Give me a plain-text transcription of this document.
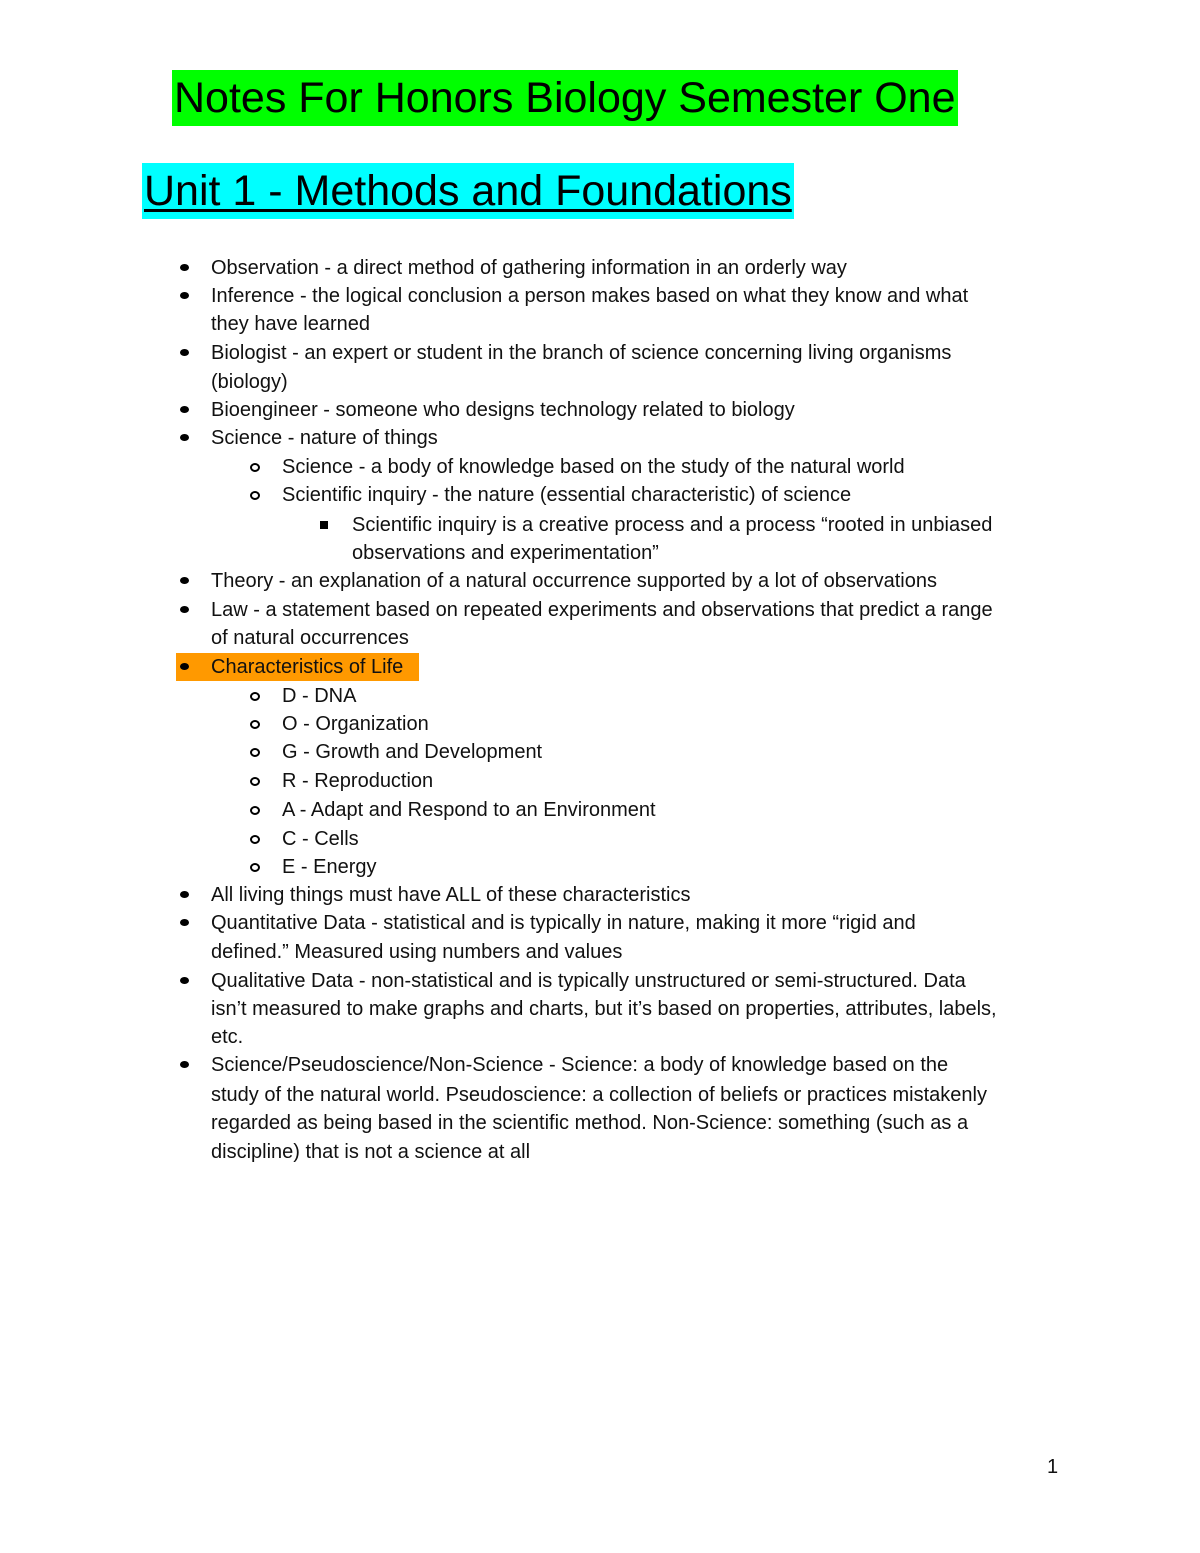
Notes For Honors Biology Semester One
Unit 1 - Methods and Foundations
Observation - a direct method of gathering information in an orderly way
Inference - the logical conclusion a person makes based on what they know and what
they have learned
Biologist - an expert or student in the branch of science concerning living organisms
(biology)
Bioengineer - someone who designs technology related to biology
Science - nature of things
Science - a body of knowledge based on the study of the natural world
Scientific inquiry - the nature (essential characteristic) of science
Scientific inquiry is a creative process and a process “rooted in unbiased
observations and experimentation”
Theory - an explanation of a natural occurrence supported by a lot of observations
Law - a statement based on repeated experiments and observations that predict a range
of natural occurrences
Characteristics of Life
D - DNA
O - Organization
G - Growth and Development
R - Reproduction
A - Adapt and Respond to an Environment
C - Cells
E - Energy
All living things must have ALL of these characteristics
Quantitative Data - statistical and is typically in nature, making it more “rigid and
defined.” Measured using numbers and values
Qualitative Data - non-statistical and is typically unstructured or semi-structured. Data
isn’t measured to make graphs and charts, but it’s based on properties, attributes, labels,
etc.
Science/Pseudoscience/Non-Science - Science: a body of knowledge based on the
study of the natural world. Pseudoscience: a collection of beliefs or practices mistakenly
regarded as being based in the scientific method. Non-Science: something (such as a
discipline) that is not a science at all
1
